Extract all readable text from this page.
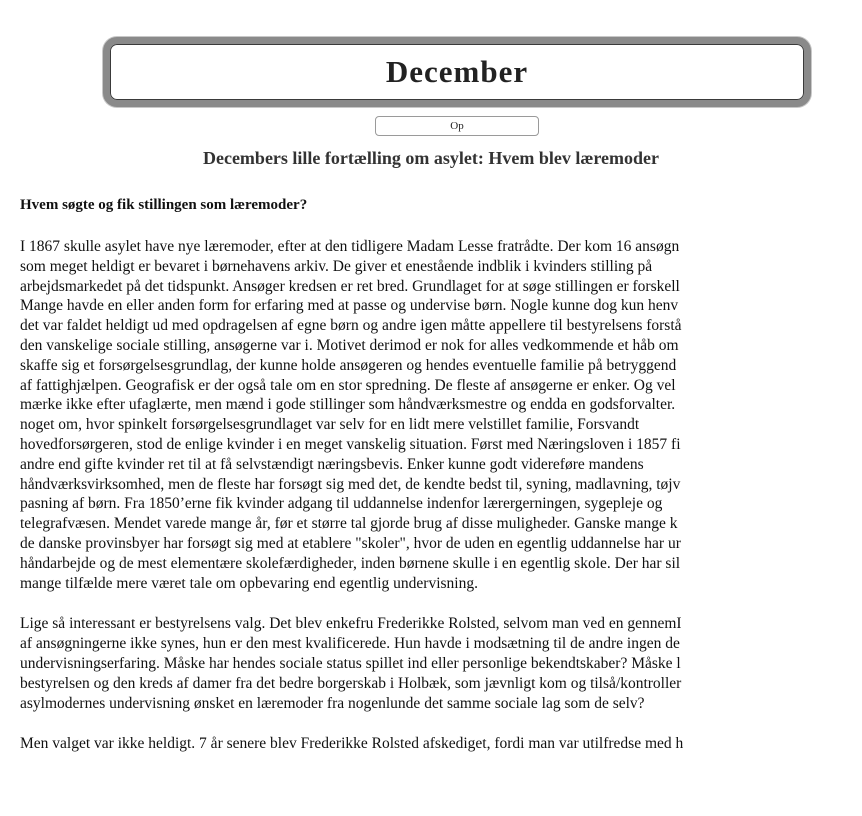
December
Op
Decembers lille fortælling om asylet: Hvem blev læremoder
Hvem søgte og fik stillingen som læremoder?

I 1867 skulle asylet have nye læremoder, efter at den tidligere Madam Lesse fratrådte. Der kom 16 ansøgn
som meget heldigt er bevaret i børnehavens arkiv. De giver et enestående indblik i kvinders stilling på
arbejdsmarkedet på det tidspunkt. Ansøger kredsen er ret bred. Grundlaget for at søge stillingen er forskell
Mange havde en eller anden form for erfaring med at passe og undervise børn. Nogle kunne dog kun henv
det var faldet heldigt ud med opdragelsen af egne børn og andre igen måtte appellere til bestyrelsens forstå
den vanskelige sociale stilling, ansøgerne var i. Motivet derimod er nok for alles vedkommende et håb om
skaffe sig et forsørgelsesgrundlag, der kunne holde ansøgeren og hendes eventuelle familie på betryggend
af fattighjælpen. Geografisk er der også tale om en stor spredning. De fleste af ansøgerne er enker. Og vel
mærke ikke efter ufaglærte, men mænd i gode stillinger som håndværksmestre og endda en godsforvalter.
noget om, hvor spinkelt forsørgelsesgrundlaget var selv for en lidt mere velstillet familie, Forsvandt
hovedforsørgeren, stod de enlige kvinder i en meget vanskelig situation. Først med Næringsloven i 1857 fi
andre end gifte kvinder ret til at få selvstændigt næringsbevis. Enker kunne godt videreføre mandens
håndværksvirksomhed, men de fleste har forsøgt sig med det, de kendte bedst til, syning, madlavning, tøjv
pasning af børn. Fra 1850’erne fik kvinder adgang til uddannelse indenfor lærergerningen, sygepleje og
telegrafvæsen. Mendet varede mange år, før et større tal gjorde brug af disse muligheder. Ganske mange k
de danske provinsbyer har forsøgt sig med at etablere "skoler", hvor de uden en egentlig uddannelse har ur
håndarbejde og de mest elementære skolefærdigheder, inden børnene skulle i en egentlig skole. Der har sil
mange tilfælde mere været tale om opbevaring end egentlig undervisning.

Lige så interessant er bestyrelsens valg. Det blev enkefru Frederikke Rolsted, selvom man ved en gennemI
af ansøgningerne ikke synes, hun er den mest kvalificerede. Hun havde i modsætning til de andre ingen de
undervisningserfaring. Måske har hendes sociale status spillet ind eller personlige bekendtskaber? Måske l
bestyrelsen og den kreds af damer fra det bedre borgerskab i Holbæk, som jævnligt kom og tilså/kontroller
asylmodernes undervisning ønsket en læremoder fra nogenlunde det samme sociale lag som de selv?

Men valget var ikke heldigt. 7 år senere blev Frederikke Rolsted afskediget, fordi man var utilfredse med h
